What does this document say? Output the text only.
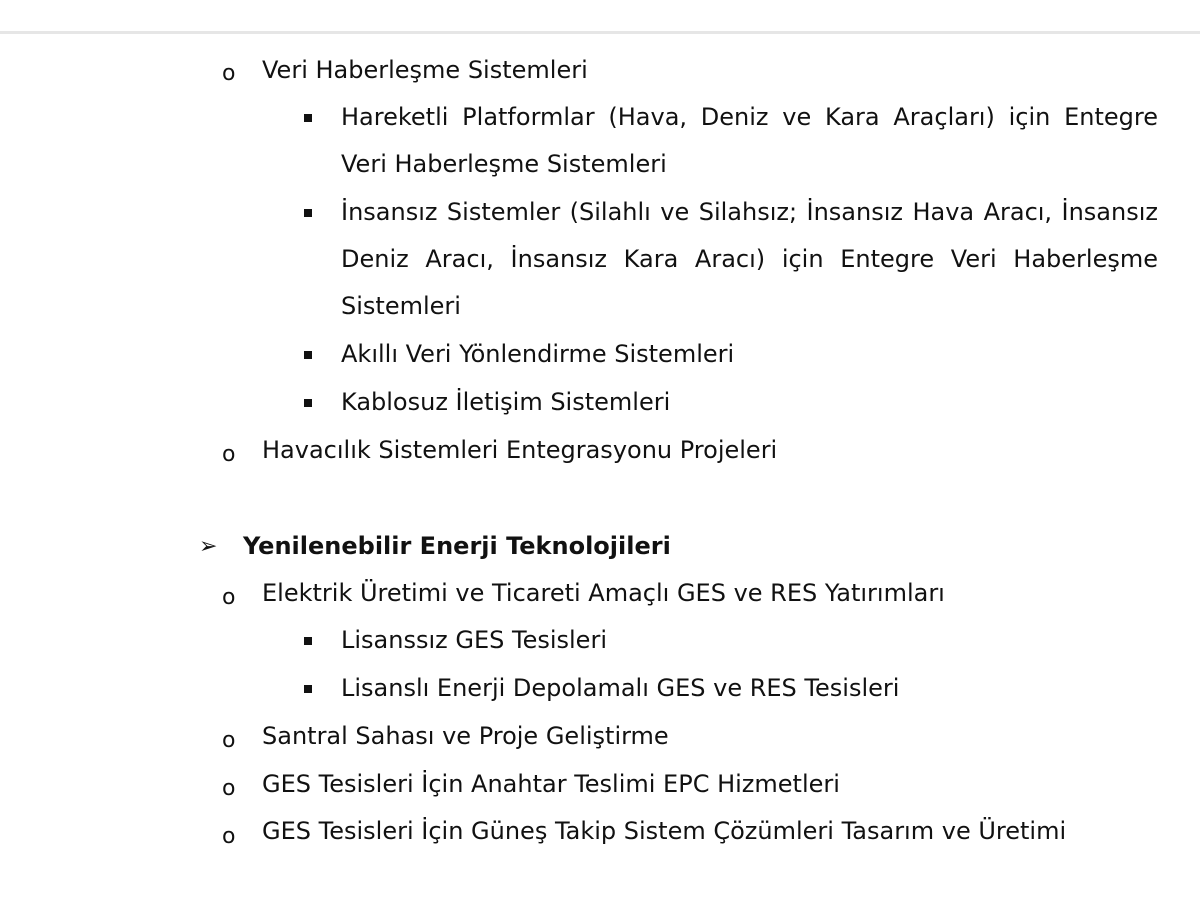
o Veri Haberleşme Sistemleri
Hareketli Platformlar (Hava, Deniz ve Kara Araçları) için Entegre Veri Haberleşme Sistemleri
İnsansız Sistemler (Silahlı ve Silahsız; İnsansız Hava Aracı, İnsansız Deniz Aracı, İnsansız Kara Aracı) için Entegre Veri Haberleşme Sistemleri
Akıllı Veri Yönlendirme Sistemleri
Kablosuz İletişim Sistemleri
o Havacılık Sistemleri Entegrasyonu Projeleri
➢ Yenilenebilir Enerji Teknolojileri
o Elektrik Üretimi ve Ticareti Amaçlı GES ve RES Yatırımları
Lisanssız GES Tesisleri
Lisanslı Enerji Depolamalı GES ve RES Tesisleri
o Santral Sahası ve Proje Geliştirme
o GES Tesisleri İçin Anahtar Teslimi EPC Hizmetleri
o GES Tesisleri İçin Güneş Takip Sistem Çözümleri Tasarım ve Üretimi
